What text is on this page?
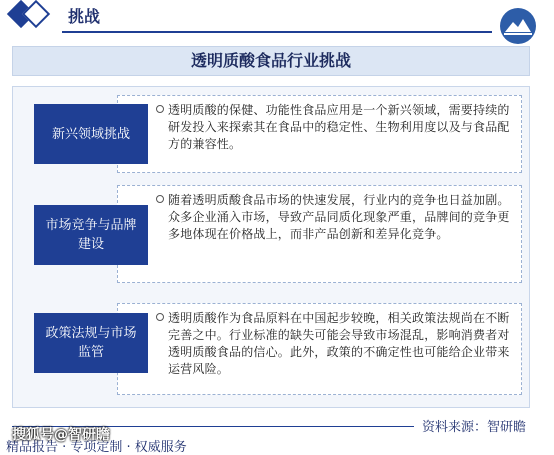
挑战
透明质酸食品行业挑战
透明质酸的保健、功能性食品应用是一个新兴领域，需要持续的研发投入来探索其在食品中的稳定性、生物利用度以及与食品配方的兼容性。
新兴领域挑战
随着透明质酸食品市场的快速发展，行业内的竞争也日益加剧。众多企业涌入市场，导致产品同质化现象严重，品牌间的竞争更多地体现在价格战上，而非产品创新和差异化竞争。
市场竞争与品牌建设
透明质酸作为食品原料在中国起步较晚，相关政策法规尚在不断完善之中。行业标准的缺失可能会导致市场混乱，影响消费者对透明质酸食品的信心。此外，政策的不确定性也可能给企业带来运营风险。
政策法规与市场监管
资料来源：智研瞻
精品报告 · 专项定制 · 权威服务
搜狐号@智研瞻
